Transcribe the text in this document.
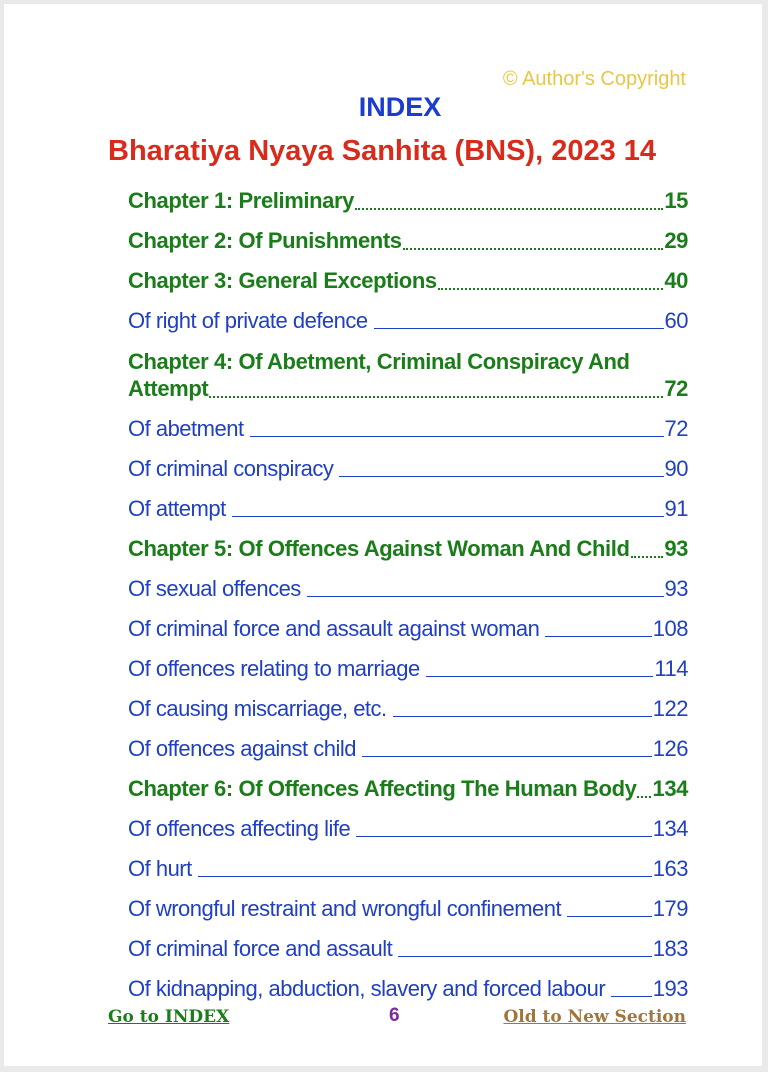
© Author's Copyright
INDEX
Bharatiya Nyaya Sanhita (BNS), 2023 14
Chapter 1: Preliminary	15
Chapter 2: Of Punishments	29
Chapter 3: General Exceptions	40
Of right of private defence	60
Chapter 4: Of Abetment, Criminal Conspiracy And
Attempt	72
Of abetment	72
Of criminal conspiracy	90
Of attempt	91
Chapter 5: Of Offences Against Woman And Child 93
Of sexual offences	93
Of criminal force and assault against woman	108
Of offences relating to marriage	114
Of causing miscarriage, etc.	122
Of offences against child	126
Chapter 6: Of Offences Affecting The Human Body 134
Of offences affecting life	134
Of hurt	163
Of wrongful restraint and wrongful confinement	179
Of criminal force and assault	183
Of kidnapping, abduction, slavery and forced labour 193
Go to INDEX	6	Old to New Section
